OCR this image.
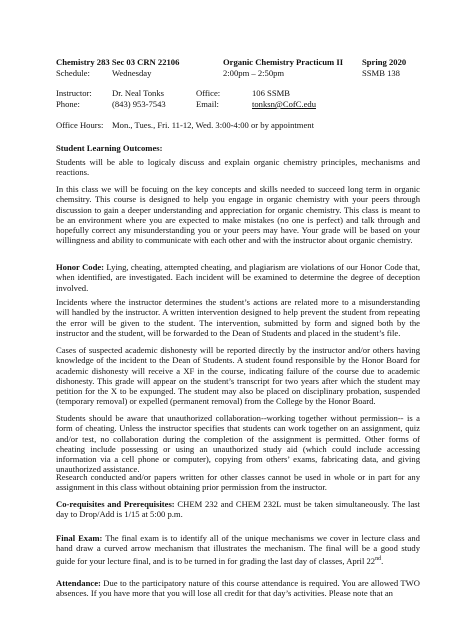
Chemistry 283 Sec 03 CRN 22106	Organic Chemistry Practicum II Spring 2020
Schedule:	Wednesday	2:00pm – 2:50pm	SSMB 138
Instructor: Dr. Neal Tonks	Office:	106 SSMB
Phone:	(843) 953-7543	Email:	tonksn@CofC.edu
Office Hours: Mon., Tues., Fri. 11-12, Wed. 3:00-4:00 or by appointment
Student Learning Outcomes:

Students will be able to logicaly discuss and explain organic chemistry principles, mechanisms and reactions.

In this class we will be focuing on the key concepts and skills needed to succeed long term in organic chemsitry. This course is designed to help you engage in organic chemistry with your peers through discussion to gain a deeper understanding and appreciation for organic chemistry. This class is meant to be an environment where you are expected to make mistakes (no one is perfect) and talk through and hopefully correct any misunderstanding you or your peers may have. Your grade will be based on your willingness and ability to communicate with each other and with the instructor about organic chemistry.

Honor Code: Lying, cheating, attempted cheating, and plagiarism are violations of our Honor Code that, when identified, are investigated. Each incident will be examined to determine the degree of deception involved.

Incidents where the instructor determines the student’s actions are related more to a misunderstanding will handled by the instructor. A written intervention designed to help prevent the student from repeating the error will be given to the student. The intervention, submitted by form and signed both by the instructor and the student, will be forwarded to the Dean of Students and placed in the student’s file.

Cases of suspected academic dishonesty will be reported directly by the instructor and/or others having knowledge of the incident to the Dean of Students. A student found responsible by the Honor Board for academic dishonesty will receive a XF in the course, indicating failure of the course due to academic dishonesty. This grade will appear on the student’s transcript for two years after which the student may petition for the X to be expunged. The student may also be placed on disciplinary probation, suspended (temporary removal) or expelled (permanent removal) from the College by the Honor Board.

Students should be aware that unauthorized collaboration--working together without permission-- is a form of cheating. Unless the instructor specifies that students can work together on an assignment, quiz and/or test, no collaboration during the completion of the assignment is permitted. Other forms of cheating include possessing or using an unauthorized study aid (which could include accessing information via a cell phone or computer), copying from others’ exams, fabricating data, and giving unauthorized assistance.

Research conducted and/or papers written for other classes cannot be used in whole or in part for any assignment in this class without obtaining prior permission from the instructor.

Co-requisites and Prerequisites: CHEM 232 and CHEM 232L must be taken simultaneously. The last day to Drop/Add is 1/15 at 5:00 p.m.

Final Exam: The final exam is to identify all of the unique mechanisms we cover in lecture class and hand draw a curved arrow mechanism that illustrates the mechanism. The final will be a good study guide for your lecture final, and is to be turned in for grading the last day of classes, April 22nd.

Attendance: Due to the participatory nature of this course attendance is required. You are allowed TWO absences. If you have more that you will lose all credit for that day’s activities. Please note that an
